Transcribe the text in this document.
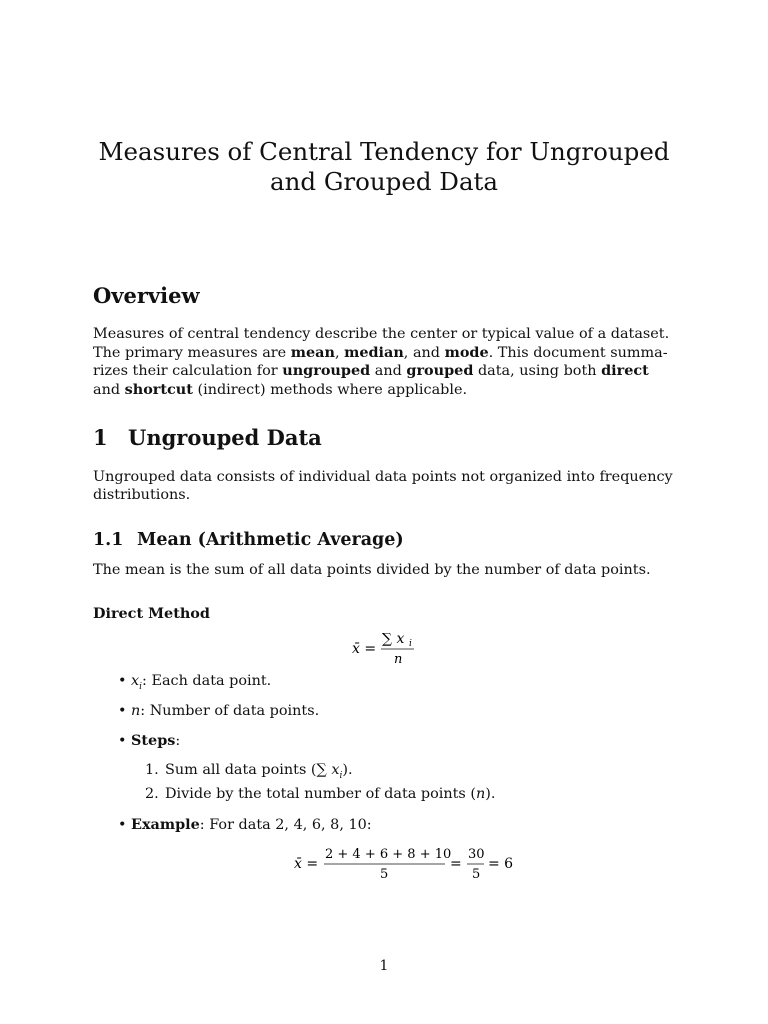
Measures of Central Tendency for Ungrouped
and Grouped Data
Overview

Measures of central tendency describe the center or typical value of a dataset. The primary measures are mean, median, and mode. This document summa-rizes their calculation for ungrouped and grouped data, using both direct and shortcut (indirect) methods where applicable.

1 Ungrouped Data

Ungrouped data consists of individual data points not organized into frequency distributions.

1.1 Mean (Arithmetic Average)

The mean is the sum of all data points divided by the number of data points.

Direct Method
x̄ =
∑ x i
n
• $x_i$: Each data point.
• n: Number of data points.
• Steps:
1. Sum all data points (∑ $x_i$).
2. Divide by the total number of data points (n).
• Example: For data 2, 4, 6, 8, 10:
x̄ =
2 + 4 + 6 + 8 + 10
5
=
30
5
= 6
1
